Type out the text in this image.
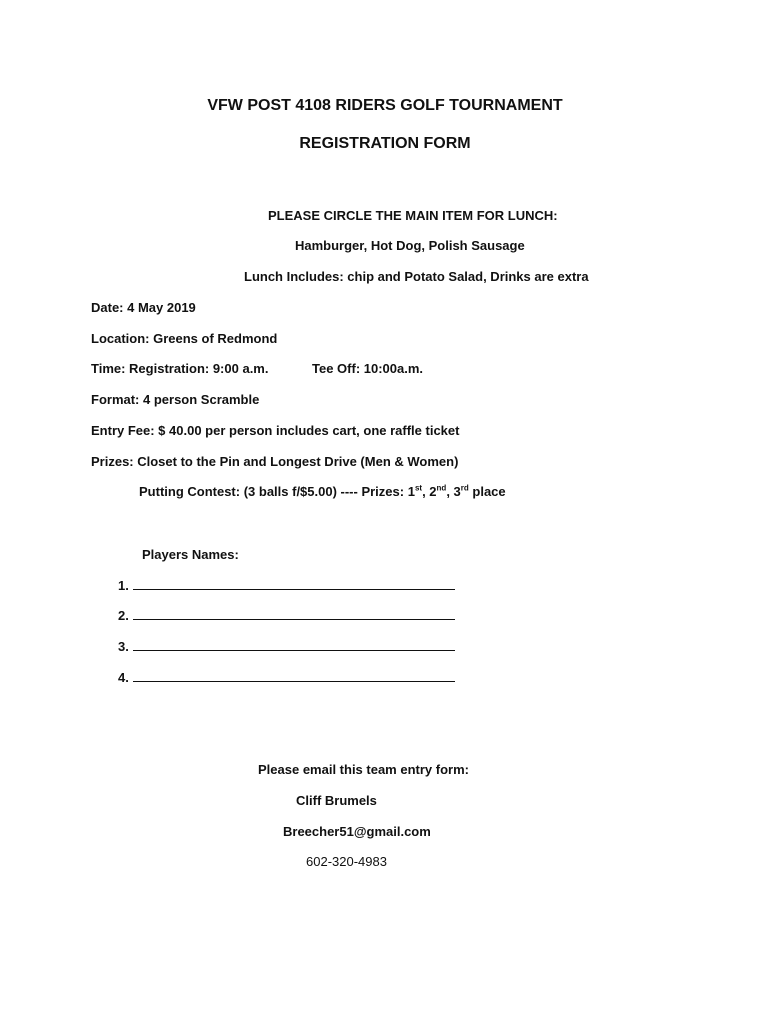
VFW POST 4108 RIDERS GOLF TOURNAMENT
REGISTRATION FORM
PLEASE CIRCLE THE MAIN ITEM FOR LUNCH:
Hamburger, Hot Dog, Polish Sausage
Lunch Includes: chip and Potato Salad, Drinks are extra
Date: 4 May 2019
Location: Greens of Redmond
Time: Registration: 9:00 a.m.	Tee Off: 10:00a.m.
Format: 4 person Scramble
Entry Fee: $ 40.00 per person includes cart, one raffle ticket
Prizes: Closet to the Pin and Longest Drive (Men & Women)
Putting Contest: (3 balls f/$5.00) ---- Prizes: 1st, 2nd, 3rd place
Players Names:
1.
2.
3.
4.
Please email this team entry form:
Cliff Brumels
Breecher51@gmail.com
602-320-4983
